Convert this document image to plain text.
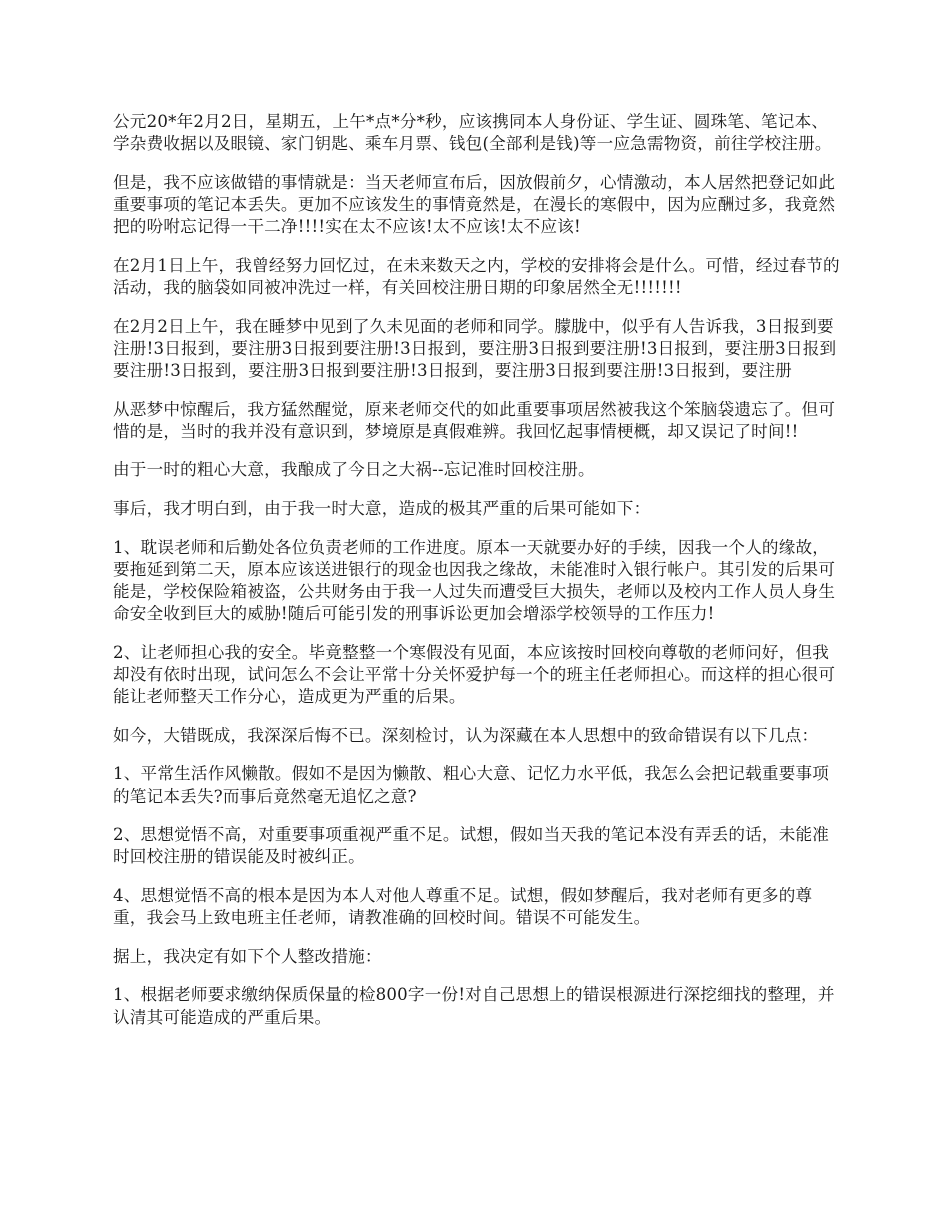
公元20*年2月2日，星期五，上午*点*分*秒，应该携同本人身份证、学生证、圆珠笔、笔记本、学杂费收据以及眼镜、家门钥匙、乘车月票、钱包(全部利是钱)等一应急需物资，前往学校注册。

但是，我不应该做错的事情就是：当天老师宣布后，因放假前夕，心情激动，本人居然把登记如此重要事项的笔记本丢失。更加不应该发生的事情竟然是，在漫长的寒假中，因为应酬过多，我竟然把的吩咐忘记得一干二净!!!!实在太不应该!太不应该!太不应该!

在2月1日上午，我曾经努力回忆过，在未来数天之内，学校的安排将会是什么。可惜，经过春节的活动，我的脑袋如同被冲洗过一样，有关回校注册日期的印象居然全无!!!!!!!

在2月2日上午，我在睡梦中见到了久未见面的老师和同学。朦胧中，似乎有人告诉我，3日报到要注册!3日报到，要注册3日报到要注册!3日报到，要注册3日报到要注册!3日报到，要注册3日报到要注册!3日报到，要注册3日报到要注册!3日报到，要注册3日报到要注册!3日报到，要注册

从恶梦中惊醒后，我方猛然醒觉，原来老师交代的如此重要事项居然被我这个笨脑袋遗忘了。但可惜的是，当时的我并没有意识到，梦境原是真假难辨。我回忆起事情梗概，却又误记了时间!!

由于一时的粗心大意，我酿成了今日之大祸--忘记准时回校注册。

事后，我才明白到，由于我一时大意，造成的极其严重的后果可能如下：

1、耽误老师和后勤处各位负责老师的工作进度。原本一天就要办好的手续，因我一个人的缘故，要拖延到第二天，原本应该送进银行的现金也因我之缘故，未能准时入银行帐户。其引发的后果可能是，学校保险箱被盗，公共财务由于我一人过失而遭受巨大损失，老师以及校内工作人员人身生命安全收到巨大的威胁!随后可能引发的刑事诉讼更加会增添学校领导的工作压力!

2、让老师担心我的安全。毕竟整整一个寒假没有见面，本应该按时回校向尊敬的老师问好，但我却没有依时出现，试问怎么不会让平常十分关怀爱护每一个的班主任老师担心。而这样的担心很可能让老师整天工作分心，造成更为严重的后果。

如今，大错既成，我深深后悔不已。深刻检讨，认为深藏在本人思想中的致命错误有以下几点：

1、平常生活作风懒散。假如不是因为懒散、粗心大意、记忆力水平低，我怎么会把记载重要事项的笔记本丢失?而事后竟然毫无追忆之意?

2、思想觉悟不高，对重要事项重视严重不足。试想，假如当天我的笔记本没有弄丢的话，未能准时回校注册的错误能及时被纠正。

4、思想觉悟不高的根本是因为本人对他人尊重不足。试想，假如梦醒后，我对老师有更多的尊重，我会马上致电班主任老师，请教准确的回校时间。错误不可能发生。

据上，我决定有如下个人整改措施：

1、根据老师要求缴纳保质保量的检800字一份!对自己思想上的错误根源进行深挖细找的整理，并认清其可能造成的严重后果。
